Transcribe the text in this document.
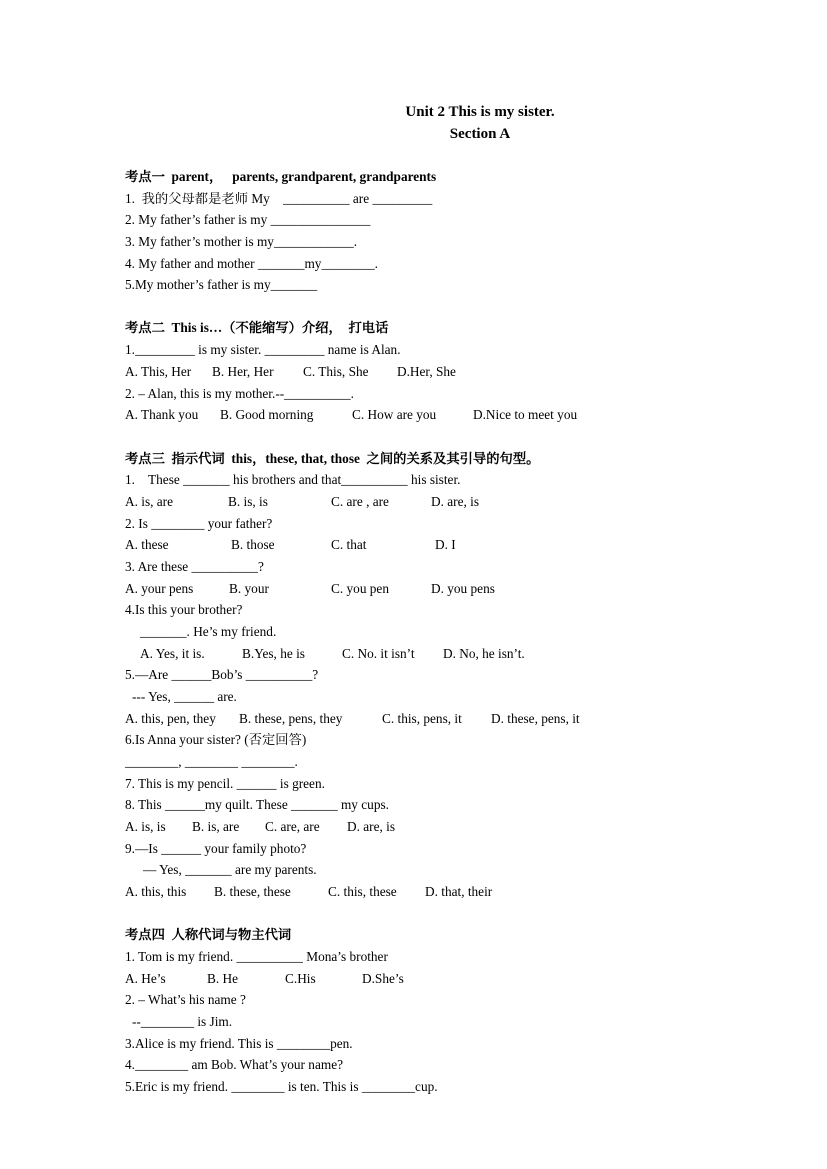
Unit 2 This is my sister.
Section A
考点一  parent，   parents, grandparent, grandparents
1.  我的父母都是老师 My    __________ are _________
2. My father’s father is my _______________
3. My father’s mother is my____________.
4. My father and mother _______my________.
5.My mother’s father is my_______
考点二  This is…（不能缩写）介绍，  打电话
1._________ is my sister. _________ name is Alan.
A. This, Her B. Her, Her C. This, She D.Her, She
2. – Alan, this is my mother.--__________.
A. Thank you B. Good morning	C. How are you	D.Nice to meet you
考点三  指示代词  this，these, that, those  之间的关系及其引导的句型。
1.    These _______ his brothers and that__________ his sister.
A. is, are	B. is, is	C. are , are	D. are, is
2. Is ________ your father?
A. these	B. those	C. that	D. I
3. Are these __________?
A. your pens	B. your	C. you pen	D. you pens
4.Is this your brother?
_______. He’s my friend.
A. Yes, it is.	B.Yes, he is	C. No. it isn’t D. No, he isn’t.
5.—Are ______Bob’s __________?
--- Yes, ______ are.
A. this, pen, they B. these, pens, they	C. this, pens, it D. these, pens, it
6.Is Anna your sister? (否定回答)
________, ________ ________.
7. This is my pencil. ______ is green.
8. This ______my quilt. These _______ my cups.
A. is, is B. is, are C. are, are D. are, is
9.—Is ______ your family photo?
— Yes, _______ are my parents.
A. this, this B. these, these	C. this, these D. that, their
考点四  人称代词与物主代词
1. Tom is my friend. __________ Mona’s brother
A. He’s	B. He	C.His	D.She’s
2. – What’s his name ?
--________ is Jim.
3.Alice is my friend. This is ________pen.
4.________ am Bob. What’s your name?
5.Eric is my friend. ________ is ten. This is ________cup.
